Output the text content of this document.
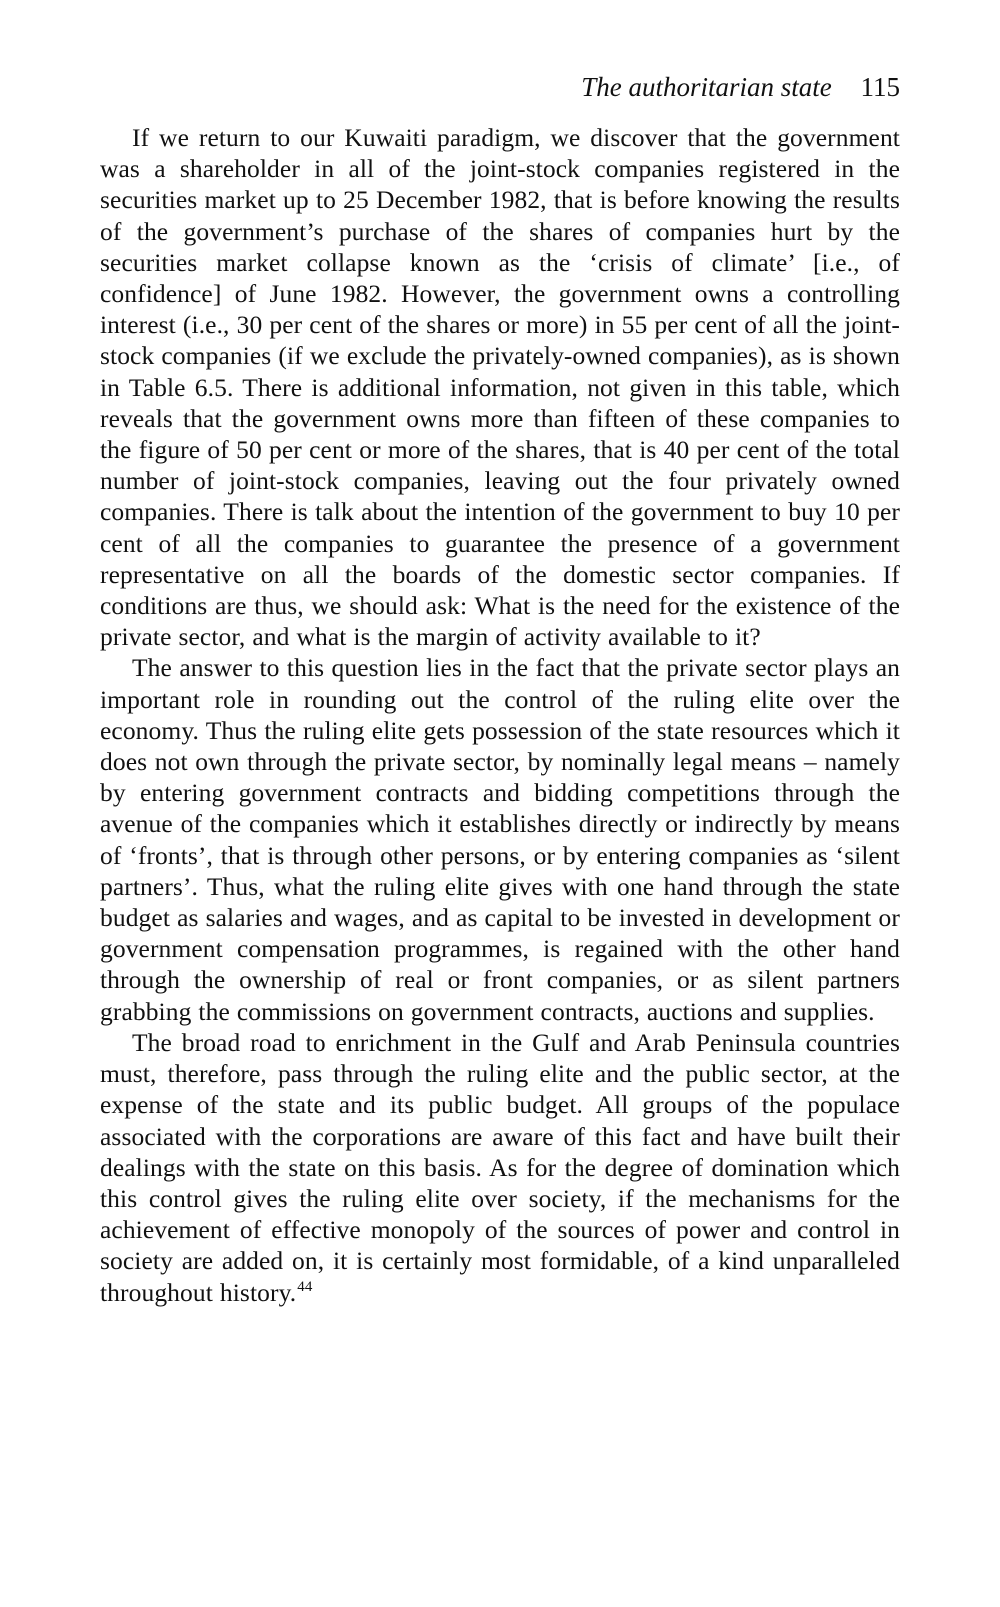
The authoritarian state 115

If we return to our Kuwaiti paradigm, we discover that the government was a shareholder in all of the joint-stock companies registered in the securities market up to 25 December 1982, that is before knowing the results of the government’s purchase of the shares of companies hurt by the securities market collapse known as the ‘crisis of climate’ [i.e., of confidence] of June 1982. However, the government owns a controlling interest (i.e., 30 per cent of the shares or more) in 55 per cent of all the joint-stock companies (if we exclude the privately-owned companies), as is shown in Table 6.5. There is additional information, not given in this table, which reveals that the government owns more than fifteen of these companies to the figure of 50 per cent or more of the shares, that is 40 per cent of the total number of joint-stock companies, leaving out the four privately owned companies. There is talk about the intention of the government to buy 10 per cent of all the companies to guarantee the presence of a government representative on all the boards of the domestic sector companies. If conditions are thus, we should ask: What is the need for the existence of the private sector, and what is the margin of activity available to it?

The answer to this question lies in the fact that the private sector plays an important role in rounding out the control of the ruling elite over the economy. Thus the ruling elite gets possession of the state resources which it does not own through the private sector, by nominally legal means – namely by entering government contracts and bidding competitions through the avenue of the companies which it establishes directly or indirectly by means of ‘fronts’, that is through other persons, or by entering companies as ‘silent partners’. Thus, what the ruling elite gives with one hand through the state budget as salaries and wages, and as capital to be invested in development or government compensation programmes, is regained with the other hand through the ownership of real or front companies, or as silent partners grabbing the commissions on government contracts, auctions and supplies.

The broad road to enrichment in the Gulf and Arab Peninsula countries must, therefore, pass through the ruling elite and the public sector, at the expense of the state and its public budget. All groups of the populace associated with the corporations are aware of this fact and have built their dealings with the state on this basis. As for the degree of domination which this control gives the ruling elite over society, if the mechanisms for the achievement of effective monopoly of the sources of power and control in society are added on, it is certainly most formidable, of a kind unparalleled throughout history.$^{44}$
